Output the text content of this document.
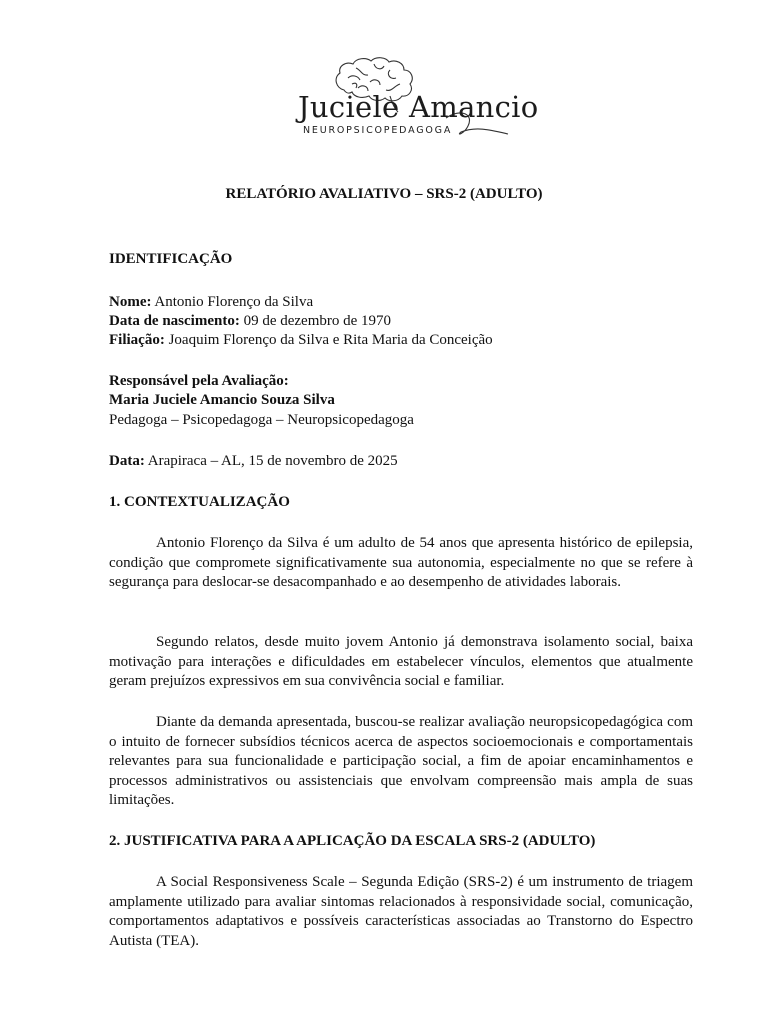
Juciele Amancio
NEUROPSICOPEDAGOGA
RELATÓRIO AVALIATIVO – SRS-2 (ADULTO)
IDENTIFICAÇÃO
Nome: Antonio Florenço da Silva
Data de nascimento: 09 de dezembro de 1970
Filiação: Joaquim Florenço da Silva e Rita Maria da Conceição
Responsável pela Avaliação:
Maria Juciele Amancio Souza Silva
Pedagoga – Psicopedagoga – Neuropsicopedagoga
Data: Arapiraca – AL, 15 de novembro de 2025
1. CONTEXTUALIZAÇÃO

Antonio Florenço da Silva é um adulto de 54 anos que apresenta histórico de epilepsia, condição que compromete significativamente sua autonomia, especialmente no que se refere à segurança para deslocar-se desacompanhado e ao desempenho de atividades laborais.

Segundo relatos, desde muito jovem Antonio já demonstrava isolamento social, baixa motivação para interações e dificuldades em estabelecer vínculos, elementos que atualmente geram prejuízos expressivos em sua convivência social e familiar.

Diante da demanda apresentada, buscou-se realizar avaliação neuropsicopedagógica com o intuito de fornecer subsídios técnicos acerca de aspectos socioemocionais e comportamentais relevantes para sua funcionalidade e participação social, a fim de apoiar encaminhamentos e processos administrativos ou assistenciais que envolvam compreensão mais ampla de suas limitações.

2. JUSTIFICATIVA PARA A APLICAÇÃO DA ESCALA SRS-2 (ADULTO)

A Social Responsiveness Scale – Segunda Edição (SRS-2) é um instrumento de triagem amplamente utilizado para avaliar sintomas relacionados à responsividade social, comunicação, comportamentos adaptativos e possíveis características associadas ao Transtorno do Espectro Autista (TEA).
